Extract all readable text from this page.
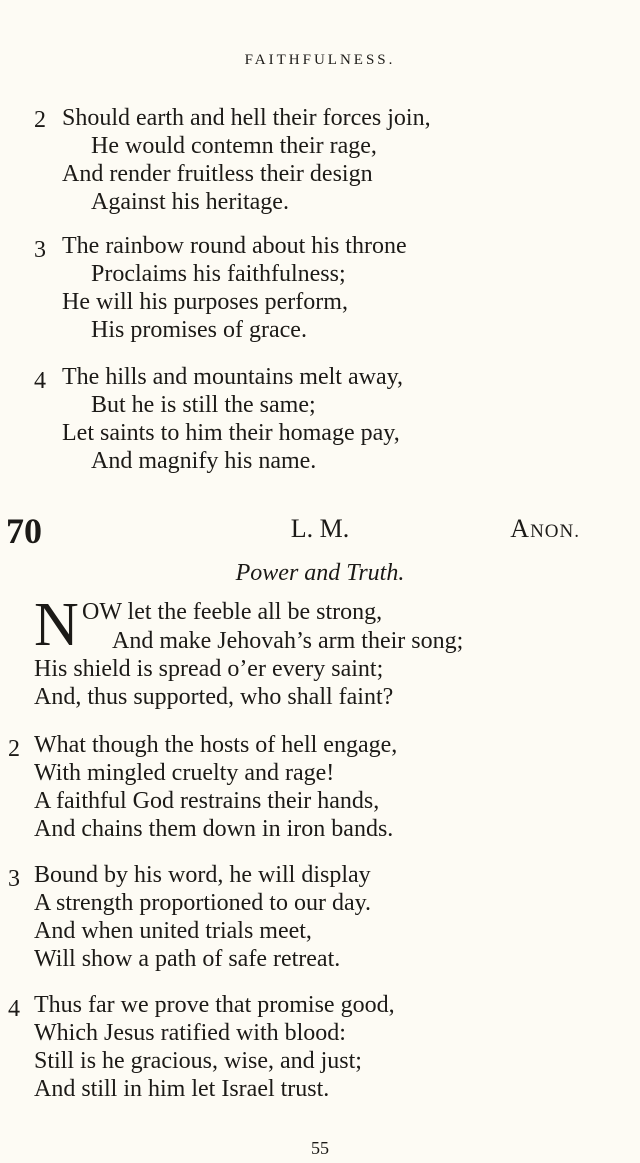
FAITHFULNESS.
2 Should earth and hell their forces join,
He would contemn their rage,
And render fruitless their design
Against his heritage.
3 The rainbow round about his throne
Proclaims his faithfulness;
He will his purposes perform,
His promises of grace.
4 The hills and mountains melt away,
But he is still the same;
Let saints to him their homage pay,
And magnify his name.
70	L. M.	ANON.
Power and Truth.
N OW let the feeble all be strong,
And make Jehovah’s arm their song;
His shield is spread o’er every saint;
And, thus supported, who shall faint?
2 What though the hosts of hell engage,
With mingled cruelty and rage!
A faithful God restrains their hands,
And chains them down in iron bands.
3 Bound by his word, he will display
A strength proportioned to our day.
And when united trials meet,
Will show a path of safe retreat.
4 Thus far we prove that promise good,
Which Jesus ratified with blood:
Still is he gracious, wise, and just;
And still in him let Israel trust.
55
